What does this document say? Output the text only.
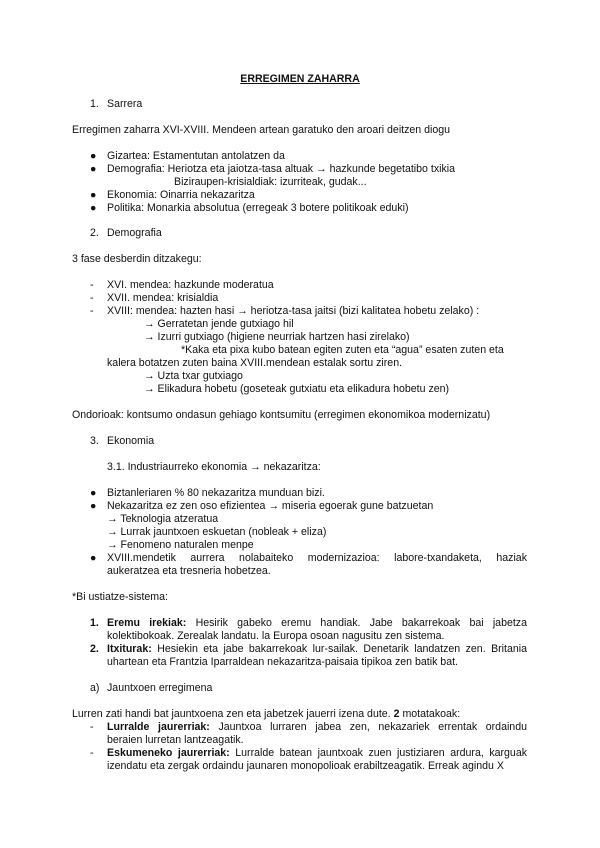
ERREGIMEN ZAHARRA
1. Sarrera
Erregimen zaharra XVI-XVIII. Mendeen artean garatuko den aroari deitzen diogu
● Gizartea: Estamentutan antolatzen da
● Demografia: Heriotza eta jaiotza-tasa altuak → hazkunde begetatibo txikia
Biziraupen-krisialdiak: izurriteak, gudak...
● Ekonomia: Oinarria nekazaritza
● Politika: Monarkia absolutua (erregeak 3 botere politikoak eduki)
2. Demografia
3 fase desberdin ditzakegu:
- XVI. mendea: hazkunde moderatua
- XVII. mendea: krisialdia
- XVIII: mendea: hazten hasi → heriotza-tasa jaitsi (bizi kalitatea hobetu zelako) :
→ Gerratetan jende gutxiago hil
→ Izurri gutxiago (higiene neurriak hartzen hasi zirelako)
*Kaka eta pixa kubo batean egiten zuten eta “agua” esaten zuten eta
kalera botatzen zuten baina XVIII.mendean estalak sortu ziren.
→ Uzta txar gutxiago
→ Elikadura hobetu (goseteak gutxiatu eta elikadura hobetu zen)
Ondorioak: kontsumo ondasun gehiago kontsumitu (erregimen ekonomikoa modernizatu)
3. Ekonomia
3.1. Industriaurreko ekonomia → nekazaritza:
● Biztanleriaren % 80 nekazaritza munduan bizi.
● Nekazaritza ez zen oso efizientea → miseria egoerak gune batzuetan
→ Teknologia atzeratua
→ Lurrak jauntxoen eskuetan (nobleak + eliza)
→ Fenomeno naturalen menpe
● XVIII.mendetik aurrera nolabaiteko modernizazioa: labore-txandaketa, haziak
aukeratzea eta tresneria hobetzea.
*Bi ustiatze-sistema:
1. Eremu irekiak: Hesirik gabeko eremu handiak. Jabe bakarrekoak bai jabetza
kolektibokoak. Zerealak landatu. la Europa osoan nagusitu zen sistema.
2. Itxiturak: Hesiekin eta jabe bakarrekoak lur-sailak. Denetarik landatzen zen. Britania
uhartean eta Frantzia Iparraldean nekazaritza-paisaia tipikoa zen batik bat.
a) Jauntxoen erregimena
Lurren zati handi bat jauntxoena zen eta jabetzek jauerri izena dute. 2 motatakoak:
- Lurralde jaurerriak: Jauntxoa lurraren jabea zen, nekazariek errentak ordaindu
beraien lurretan lantzeagatik.
- Eskumeneko jaurerriak: Lurralde batean jauntxoak zuen justiziaren ardura, karguak
izendatu eta zergak ordaindu jaunaren monopolioak erabiltzeagatik. Erreak agindu X
